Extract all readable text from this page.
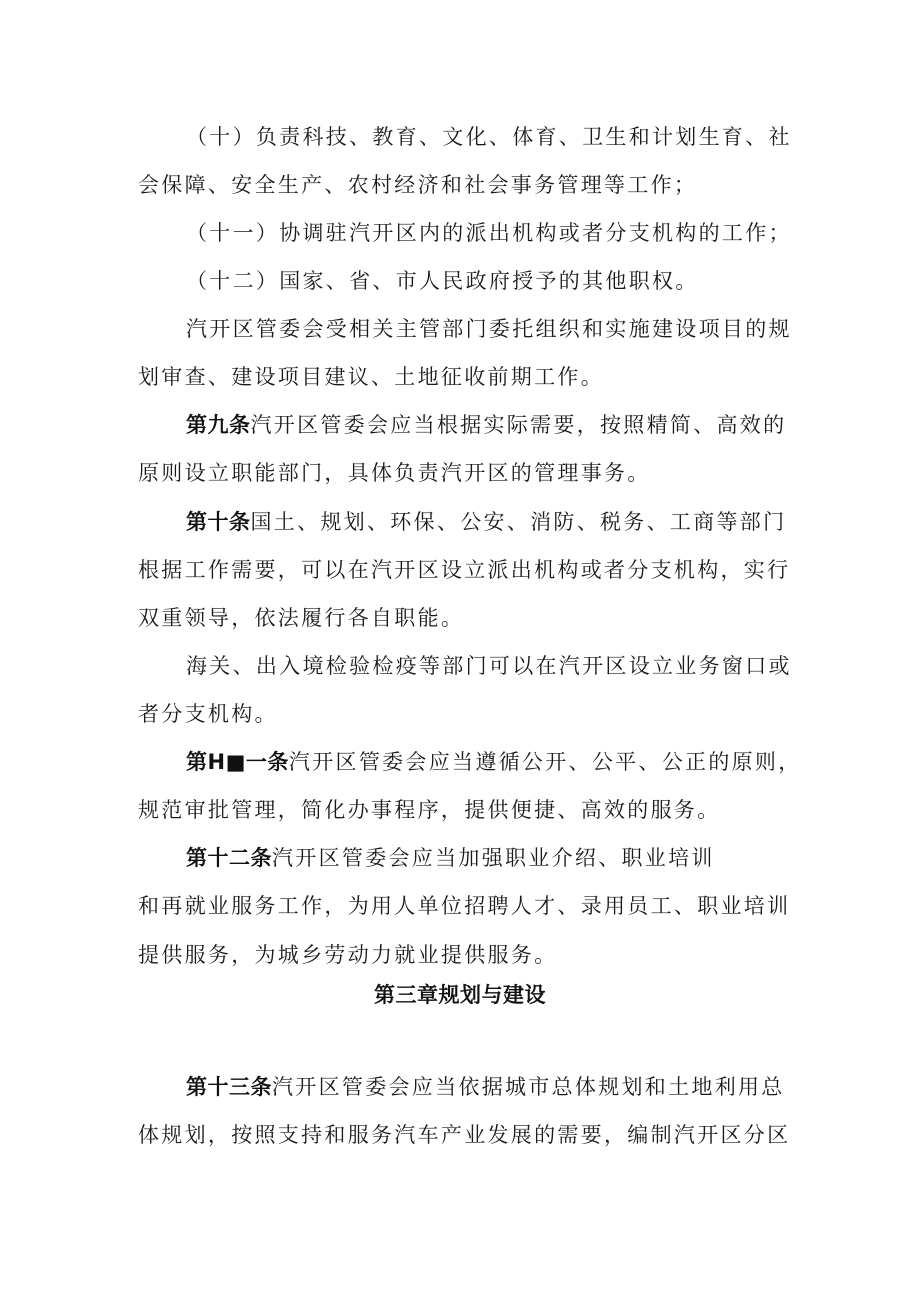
（十）负责科技、教育、文化、体育、卫生和计划生育、社

会保障、安全生产、农村经济和社会事务管理等工作；

（十一）协调驻汽开区内的派出机构或者分支机构的工作；

（十二）国家、省、市人民政府授予的其他职权。

汽开区管委会受相关主管部门委托组织和实施建设项目的规

划审查、建设项目建议、土地征收前期工作。

第九条汽开区管委会应当根据实际需要，按照精简、高效的

原则设立职能部门，具体负责汽开区的管理事务。

第十条国土、规划、环保、公安、消防、税务、工商等部门

根据工作需要，可以在汽开区设立派出机构或者分支机构，实行

双重领导，依法履行各自职能。

海关、出入境检验检疫等部门可以在汽开区设立业务窗口或

者分支机构。

第H■一条汽开区管委会应当遵循公开、公平、公正的原则，

规范审批管理，简化办事程序，提供便捷、高效的服务。

第十二条汽开区管委会应当加强职业介绍、职业培训

和再就业服务工作，为用人单位招聘人才、录用员工、职业培训

提供服务，为城乡劳动力就业提供服务。

第三章规划与建设

第十三条汽开区管委会应当依据城市总体规划和土地利用总

体规划，按照支持和服务汽车产业发展的需要，编制汽开区分区
